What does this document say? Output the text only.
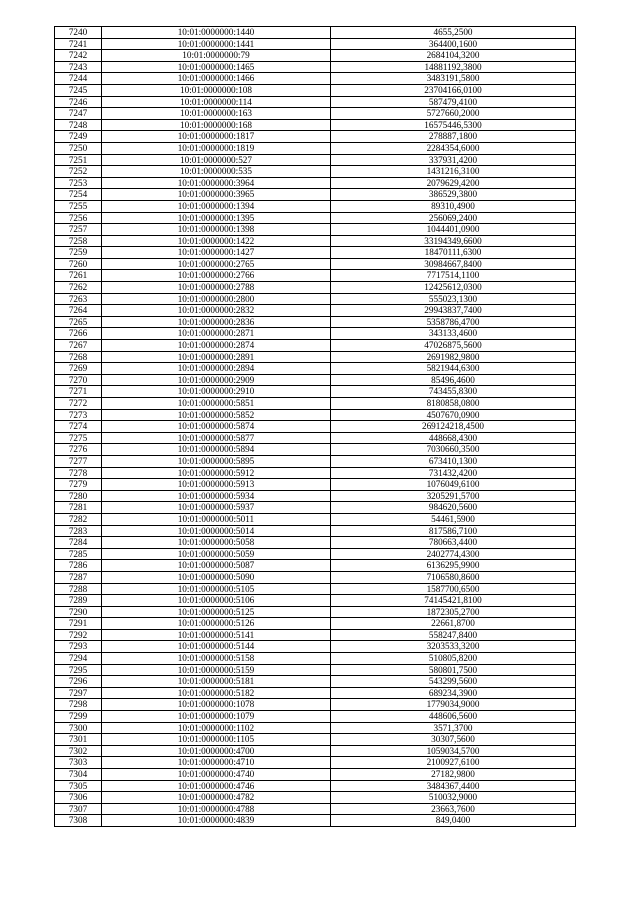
7240	10:01:0000000:1440	4655,2500
7241	10:01:0000000:1441	364400,1600
7242	10:01:0000000:79	2684104,3200
7243	10:01:0000000:1465	14881192,3800
7244	10:01:0000000:1466	3483191,5800
7245	10:01:0000000:108	23704166,0100
7246	10:01:0000000:114	587479,4100
7247	10:01:0000000:163	5727660,2000
7248	10:01:0000000:168	16575446,5300
7249	10:01:0000000:1817	278887,1800
7250	10:01:0000000:1819	2284354,6000
7251	10:01:0000000:527	337931,4200
7252	10:01:0000000:535	1431216,3100
7253	10:01:0000000:3964	2079629,4200
7254	10:01:0000000:3965	386529,3800
7255	10:01:0000000:1394	89310,4900
7256	10:01:0000000:1395	256069,2400
7257	10:01:0000000:1398	1044401,0900
7258	10:01:0000000:1422	33194349,6600
7259	10:01:0000000:1427	18470111,6300
7260	10:01:0000000:2765	30984667,8400
7261	10:01:0000000:2766	7717514,1100
7262	10:01:0000000:2788	12425612,0300
7263	10:01:0000000:2800	555023,1300
7264	10:01:0000000:2832	29943837,7400
7265	10:01:0000000:2836	5358786,4700
7266	10:01:0000000:2871	343133,4600
7267	10:01:0000000:2874	47026875,5600
7268	10:01:0000000:2891	2691982,9800
7269	10:01:0000000:2894	5821944,6300
7270	10:01:0000000:2909	85496,4600
7271	10:01:0000000:2910	743455,8300
7272	10:01:0000000:5851	8180858,0800
7273	10:01:0000000:5852	4507670,0900
7274	10:01:0000000:5874	269124218,4500
7275	10:01:0000000:5877	448668,4300
7276	10:01:0000000:5894	7030660,3500
7277	10:01:0000000:5895	673410,1300
7278	10:01:0000000:5912	731432,4200
7279	10:01:0000000:5913	1076049,6100
7280	10:01:0000000:5934	3205291,5700
7281	10:01:0000000:5937	984620,5600
7282	10:01:0000000:5011	54461,5900
7283	10:01:0000000:5014	817586,7100
7284	10:01:0000000:5058	780663,4400
7285	10:01:0000000:5059	2402774,4300
7286	10:01:0000000:5087	6136295,9900
7287	10:01:0000000:5090	7106580,8600
7288	10:01:0000000:5105	1587700,6500
7289	10:01:0000000:5106	74145421,8100
7290	10:01:0000000:5125	1872305,2700
7291	10:01:0000000:5126	22661,8700
7292	10:01:0000000:5141	558247,8400
7293	10:01:0000000:5144	3203533,3200
7294	10:01:0000000:5158	510805,8200
7295	10:01:0000000:5159	580801,7500
7296	10:01:0000000:5181	543299,5600
7297	10:01:0000000:5182	689234,3900
7298	10:01:0000000:1078	1779034,9000
7299	10:01:0000000:1079	448606,5600
7300	10:01:0000000:1102	3571,3700
7301	10:01:0000000:1105	30307,5600
7302	10:01:0000000:4700	1059034,5700
7303	10:01:0000000:4710	2100927,6100
7304	10:01:0000000:4740	27182,9800
7305	10:01:0000000:4746	3484367,4400
7306	10:01:0000000:4782	510032,9000
7307	10:01:0000000:4788	23663,7600
7308	10:01:0000000:4839	849,0400
